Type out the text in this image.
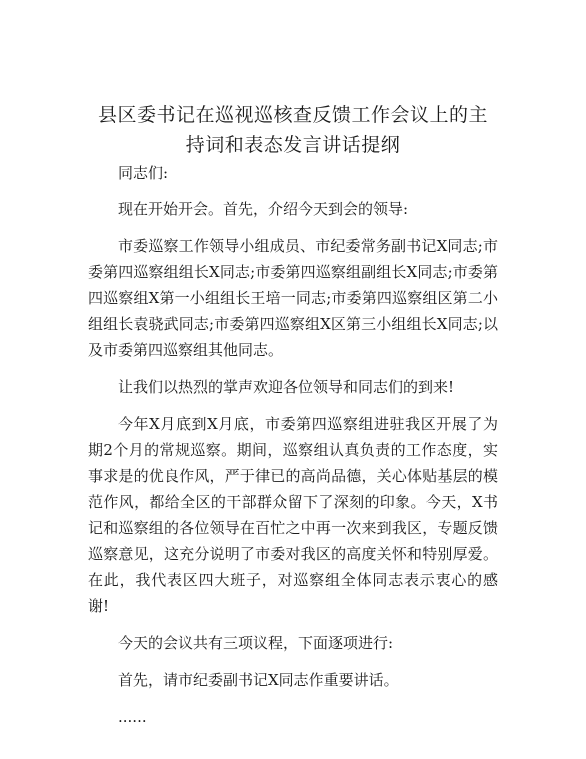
县区委书记在巡视巡核查反馈工作会议上的主
持词和表态发言讲话提纲

同志们:

现在开始开会。首先，介绍今天到会的领导:

市委巡察工作领导小组成员、市纪委常务副书记X同志;市委第四巡察组组长X同志;市委第四巡察组副组长X同志;市委第四巡察组X第一小组组长王培一同志;市委第四巡察组区第二小组组长袁骁武同志;市委第四巡察组X区第三小组组长X同志;以及市委第四巡察组其他同志。

让我们以热烈的掌声欢迎各位领导和同志们的到来!

今年X月底到X月底，市委第四巡察组进驻我区开展了为期2个月的常规巡察。期间，巡察组认真负责的工作态度，实事求是的优良作风，严于律已的高尚品德，关心体贴基层的模范作风，都给全区的干部群众留下了深刻的印象。今天，X书记和巡察组的各位领导在百忙之中再一次来到我区，专题反馈巡察意见，这充分说明了市委对我区的高度关怀和特别厚爱。在此，我代表区四大班子，对巡察组全体同志表示衷心的感谢!

今天的会议共有三项议程，下面逐项进行:

首先，请市纪委副书记X同志作重要讲话。

......
